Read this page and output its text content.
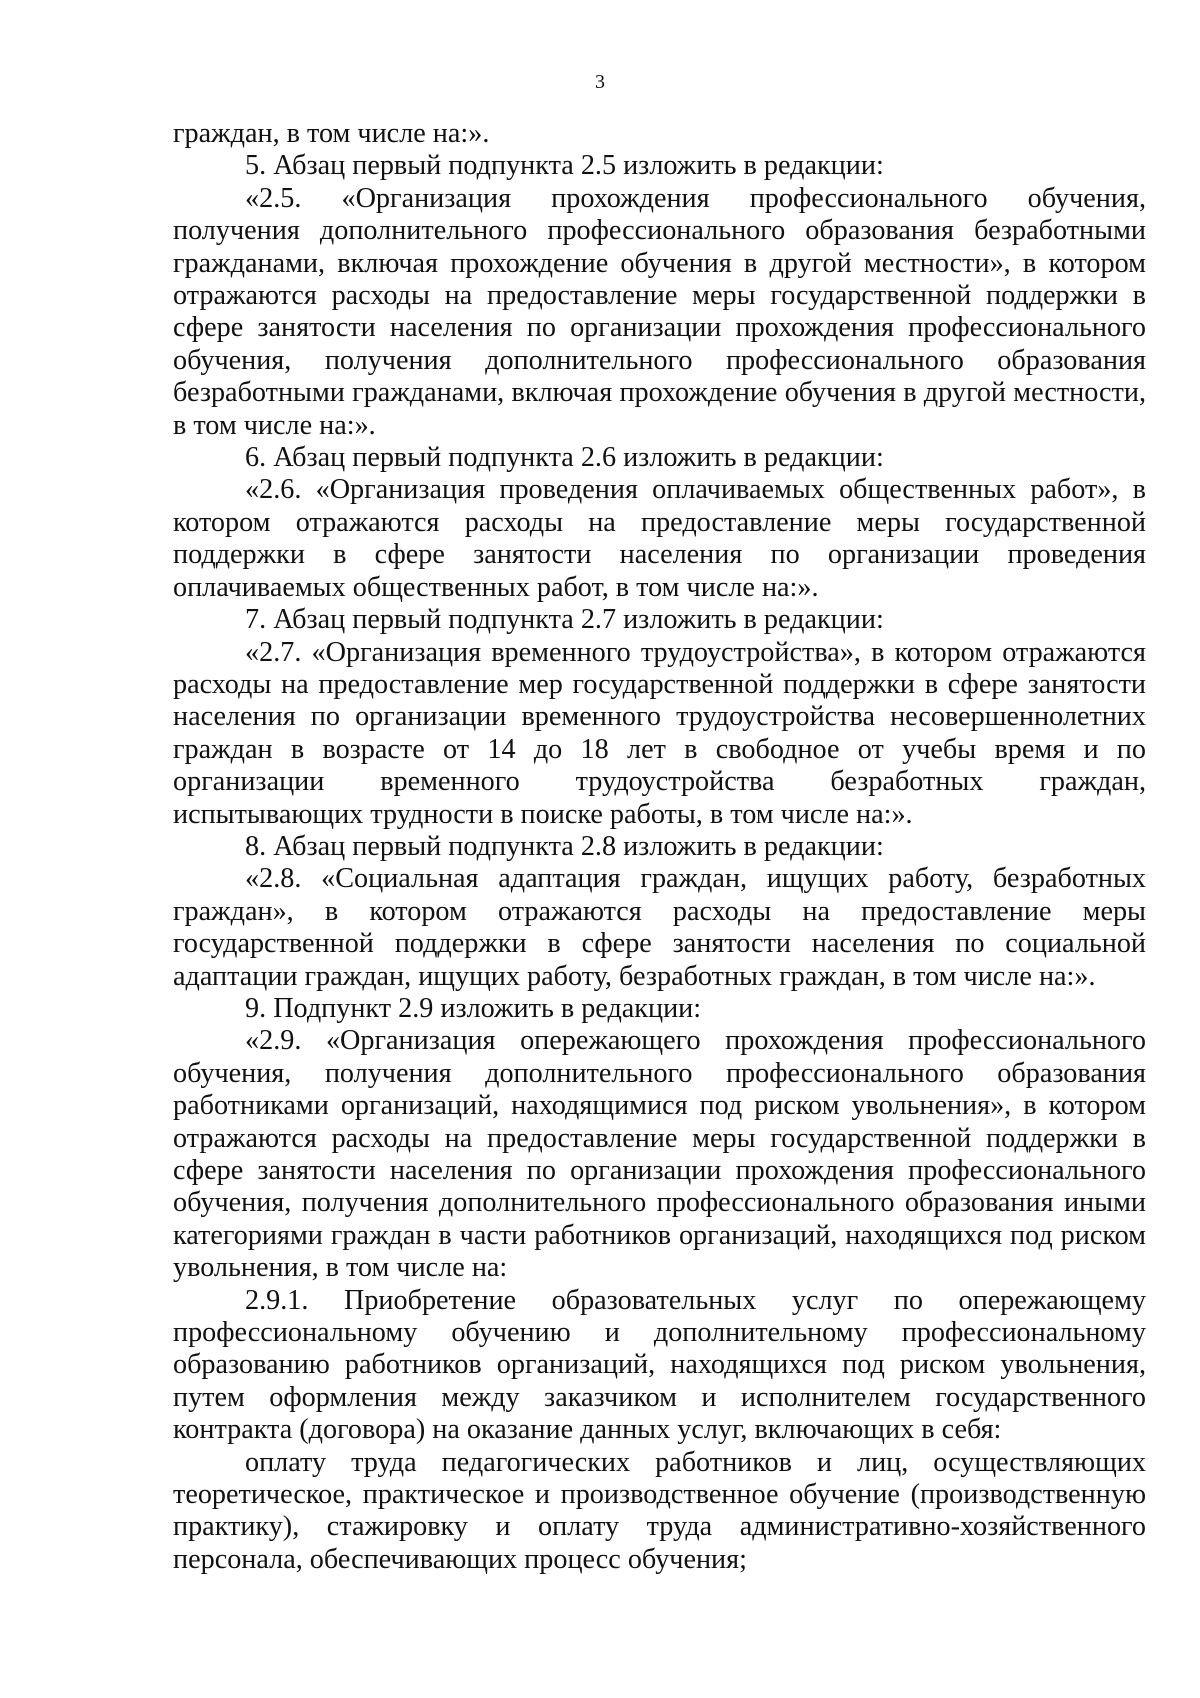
3

граждан, в том числе на:».

5. Абзац первый подпункта 2.5 изложить в редакции:

«2.5. «Организация прохождения профессионального обучения, получения дополнительного профессионального образования безработными гражданами, включая прохождение обучения в другой местности», в котором отражаются расходы на предоставление меры государственной поддержки в сфере занятости населения по организации прохождения профессионального обучения, получения дополнительного профессионального образования безработными гражданами, включая прохождение обучения в другой местности, в том числе на:».

6. Абзац первый подпункта 2.6 изложить в редакции:

«2.6. «Организация проведения оплачиваемых общественных работ», в котором отражаются расходы на предоставление меры государственной поддержки в сфере занятости населения по организации проведения оплачиваемых общественных работ, в том числе на:».

7. Абзац первый подпункта 2.7 изложить в редакции:

«2.7. «Организация временного трудоустройства», в котором отражаются расходы на предоставление мер государственной поддержки в сфере занятости населения по организации временного трудоустройства несовершеннолетних граждан в возрасте от 14 до 18 лет в свободное от учебы время и по организации временного трудоустройства безработных граждан, испытывающих трудности в поиске работы, в том числе на:».

8. Абзац первый подпункта 2.8 изложить в редакции:

«2.8. «Социальная адаптация граждан, ищущих работу, безработных граждан», в котором отражаются расходы на предоставление меры государственной поддержки в сфере занятости населения по социальной адаптации граждан, ищущих работу, безработных граждан, в том числе на:».

9. Подпункт 2.9 изложить в редакции:

«2.9. «Организация опережающего прохождения профессионального обучения, получения дополнительного профессионального образования работниками организаций, находящимися под риском увольнения», в котором отражаются расходы на предоставление меры государственной поддержки в сфере занятости населения по организации прохождения профессионального обучения, получения дополнительного профессионального образования иными категориями граждан в части работников организаций, находящихся под риском увольнения, в том числе на:

2.9.1. Приобретение образовательных услуг по опережающему профессиональному обучению и дополнительному профессиональному образованию работников организаций, находящихся под риском увольнения, путем оформления между заказчиком и исполнителем государственного контракта (договора) на оказание данных услуг, включающих в себя:

оплату труда педагогических работников и лиц, осуществляющих теоретическое, практическое и производственное обучение (производственную практику), стажировку и оплату труда административно-хозяйственного персонала, обеспечивающих процесс обучения;
